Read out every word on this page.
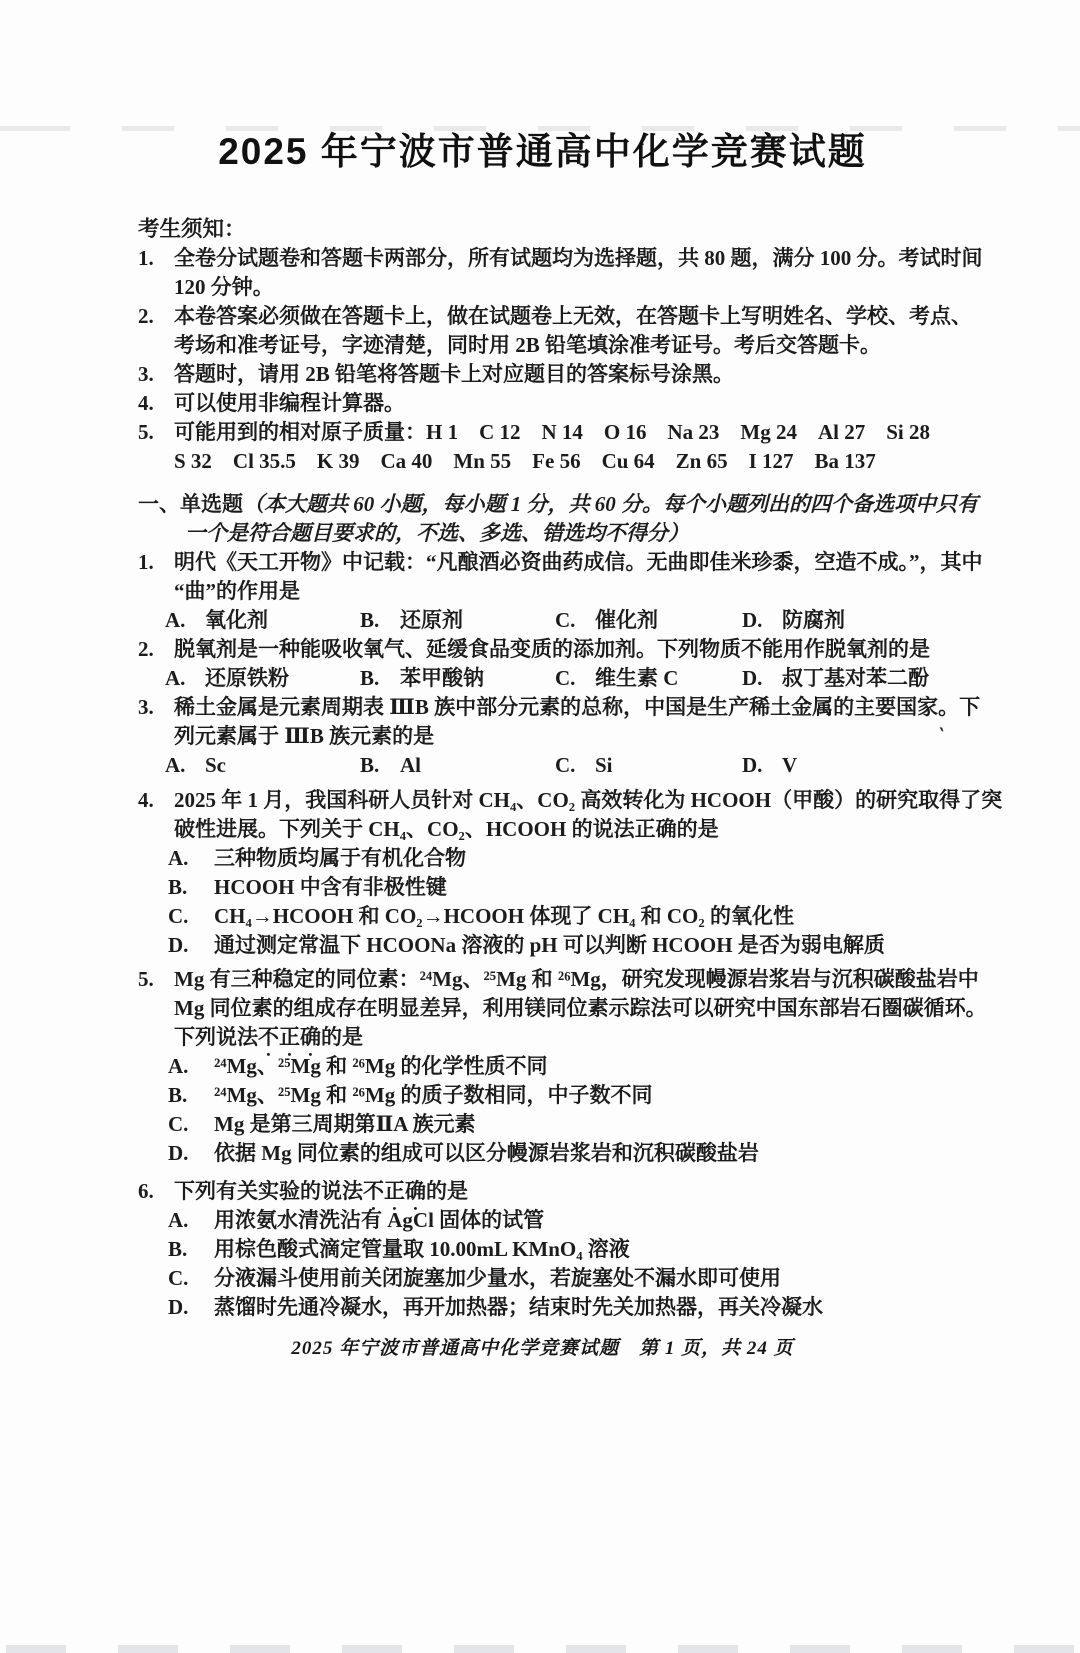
2025 年宁波市普通高中化学竞赛试题
考生须知：
1. 全卷分试题卷和答题卡两部分，所有试题均为选择题，共 80 题，满分 100 分。考试时间
120 分钟。
2. 本卷答案必须做在答题卡上，做在试题卷上无效，在答题卡上写明姓名、学校、考点、
考场和准考证号，字迹清楚，同时用 2B 铅笔填涂准考证号。考后交答题卡。
3. 答题时，请用 2B 铅笔将答题卡上对应题目的答案标号涂黑。
4. 可以使用非编程计算器。
5. 可能用到的相对原子质量：H 1　C 12　N 14　O 16　Na 23　Mg 24　Al 27　Si 28
S 32　Cl 35.5　K 39　Ca 40　Mn 55　Fe 56　Cu 64　Zn 65　I 127　Ba 137
一、单选题（本大题共 60 小题，每小题 1 分，共 60 分。每个小题列出的四个备选项中只有
一个是符合题目要求的，不选、多选、错选均不得分）
1. 明代《天工开物》中记载：“凡酿酒必资曲药成信。无曲即佳米珍黍，空造不成。”，其中
“曲”的作用是
A. 氧化剂	B. 还原剂	C. 催化剂	D. 防腐剂
2. 脱氧剂是一种能吸收氧气、延缓食品变质的添加剂。下列物质不能用作脱氧剂的是
A. 还原铁粉	B. 苯甲酸钠	C. 维生素 C	D. 叔丁基对苯二酚
3. 稀土金属是元素周期表 ⅢB 族中部分元素的总称，中国是生产稀土金属的主要国家。下
列元素属于 ⅢB 族元素的是
A. Sc	B. Al	C. Si	D. V
4. 2025 年 1 月，我国科研人员针对 CH₄、CO₂ 高效转化为 HCOOH（甲酸）的研究取得了突
破性进展。下列关于 CH₄、CO₂、HCOOH 的说法正确的是
A. 三种物质均属于有机化合物
B. HCOOH 中含有非极性键
C. CH₄→HCOOH 和 CO₂→HCOOH 体现了 CH₄ 和 CO₂ 的氧化性
D. 通过测定常温下 HCOONa 溶液的 pH 可以判断 HCOOH 是否为弱电解质
5. Mg 有三种稳定的同位素：²⁴Mg、²⁵Mg 和 ²⁶Mg，研究发现幔源岩浆岩与沉积碳酸盐岩中
Mg 同位素的组成存在明显差异，利用镁同位素示踪法可以研究中国东部岩石圈碳循环。
下列说法不正确的是
A. ²⁴Mg、²⁵Mg 和 ²⁶Mg 的化学性质不同
B. ²⁴Mg、²⁵Mg 和 ²⁶Mg 的质子数相同，中子数不同
C. Mg 是第三周期第ⅡA 族元素
D. 依据 Mg 同位素的组成可以区分幔源岩浆岩和沉积碳酸盐岩
6. 下列有关实验的说法不正确的是
A. 用浓氨水清洗沾有 AgCl 固体的试管
B. 用棕色酸式滴定管量取 10.00mL KMnO₄ 溶液
C. 分液漏斗使用前关闭旋塞加少量水，若旋塞处不漏水即可使用
D. 蒸馏时先通冷凝水，再开加热器；结束时先关加热器，再关冷凝水
2025 年宁波市普通高中化学竞赛试题　第 1 页，共 24 页
‵
